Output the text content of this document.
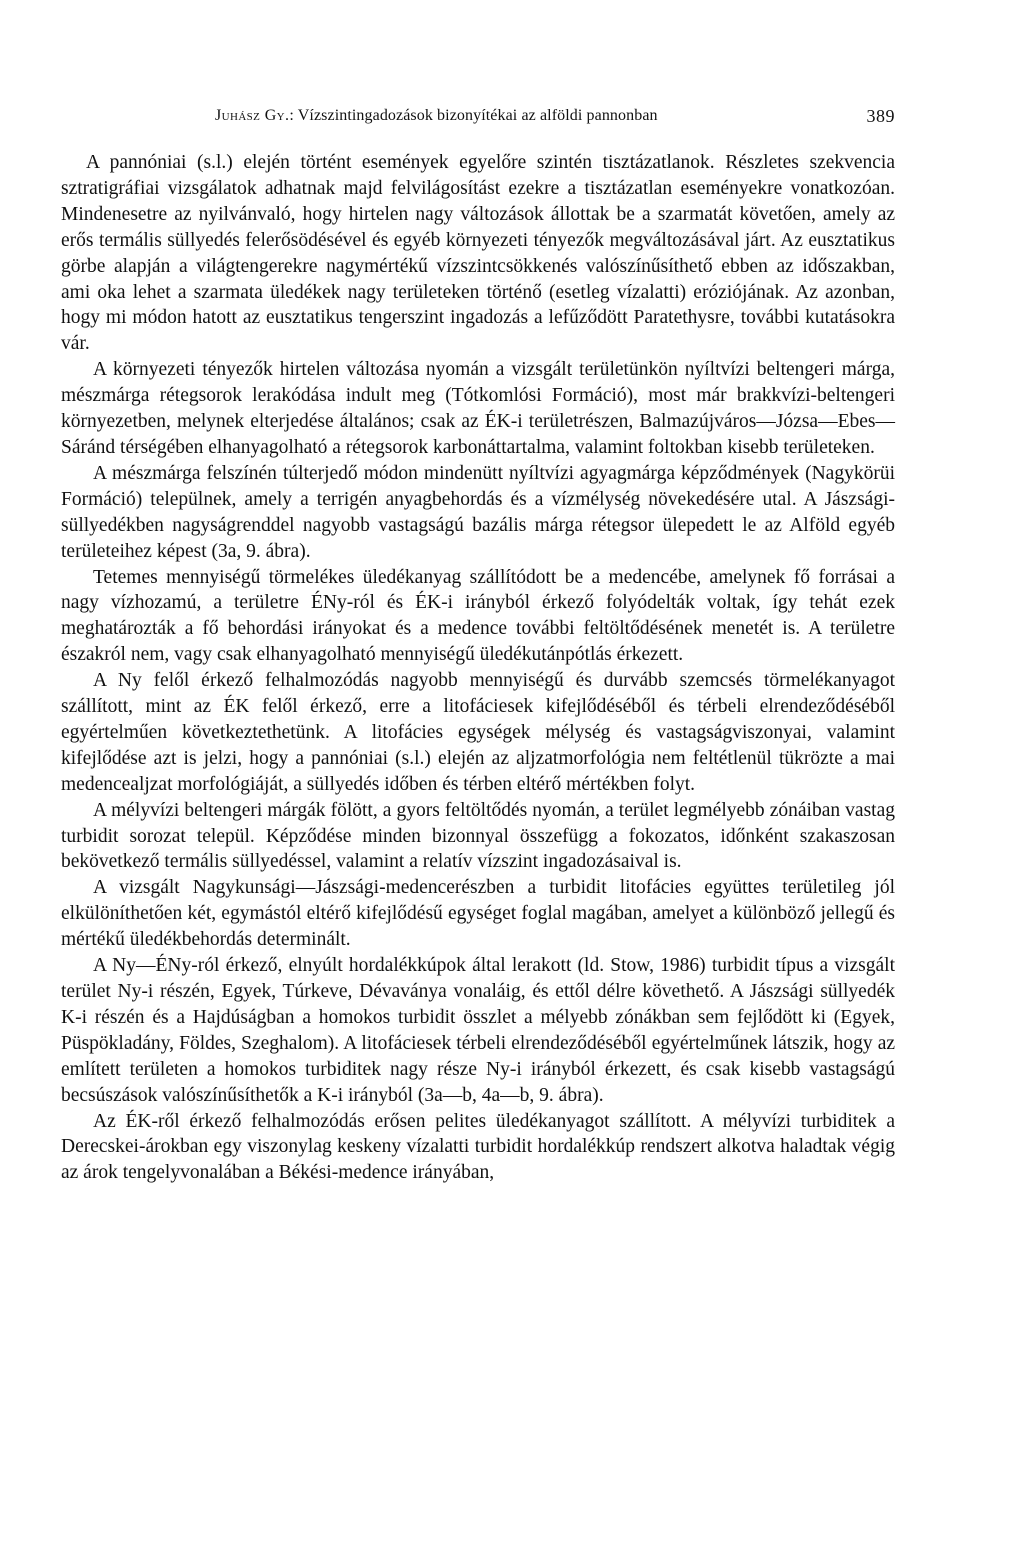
Juhász Gy.: Vízszintingadozások bizonyítékai az alföldi pannonban	389

A pannóniai (s.l.) elején történt események egyelőre szintén tisztázatlanok. Részletes szekvencia sztratigráfiai vizsgálatok adhatnak majd felvilágosítást ezekre a tisztázatlan eseményekre vonatkozóan. Mindenesetre az nyilvánvaló, hogy hirtelen nagy változások állottak be a szarmatát követően, amely az erős termális süllyedés felerősödésével és egyéb környezeti tényezők megváltozásával járt. Az eusztatikus görbe alapján a világtengerekre nagymértékű vízszintcsökkenés valószínűsíthető ebben az időszakban, ami oka lehet a szarmata üledékek nagy területeken történő (esetleg vízalatti) eróziójának. Az azonban, hogy mi módon hatott az eusztatikus tengerszint ingadozás a lefűződött Paratethysre, további kutatásokra vár.

A környezeti tényezők hirtelen változása nyomán a vizsgált területünkön nyíltvízi beltengeri márga, mészmárga rétegsorok lerakódása indult meg (Tótkomlósi Formáció), most már brakkvízi-beltengeri környezetben, melynek elterjedése általános; csak az ÉK-i területrészen, Balmazújváros—Józsa—Ebes—Sáránd térségében elhanyagolható a rétegsorok karbonáttartalma, valamint foltokban kisebb területeken.

A mészmárga felszínén túlterjedő módon mindenütt nyíltvízi agyagmárga képződmények (Nagykörüi Formáció) települnek, amely a terrigén anyagbehordás és a vízmélység növekedésére utal. A Jászsági-süllyedékben nagyságrenddel nagyobb vastagságú bazális márga rétegsor ülepedett le az Alföld egyéb területeihez képest (3a, 9. ábra).

Tetemes mennyiségű törmelékes üledékanyag szállítódott be a medencébe, amelynek fő forrásai a nagy vízhozamú, a területre ÉNy-ról és ÉK-i irányból érkező folyódelták voltak, így tehát ezek meghatározták a fő behordási irányokat és a medence további feltöltődésének menetét is. A területre északról nem, vagy csak elhanyagolható mennyiségű üledékutánpótlás érkezett.

A Ny felől érkező felhalmozódás nagyobb mennyiségű és durvább szemcsés törmelékanyagot szállított, mint az ÉK felől érkező, erre a litofáciesek kifejlődéséből és térbeli elrendeződéséből egyértelműen következtethetünk. A litofácies egységek mélység és vastagságviszonyai, valamint kifejlődése azt is jelzi, hogy a pannóniai (s.l.) elején az aljzatmorfológia nem feltétlenül tükrözte a mai medencealjzat morfológiáját, a süllyedés időben és térben eltérő mértékben folyt.

A mélyvízi beltengeri márgák fölött, a gyors feltöltődés nyomán, a terület legmélyebb zónáiban vastag turbidit sorozat települ. Képződése minden bizonnyal összefügg a fokozatos, időnként szakaszosan bekövetkező termális süllyedéssel, valamint a relatív vízszint ingadozásaival is.

A vizsgált Nagykunsági—Jászsági-medencerészben a turbidit litofácies együttes területileg jól elkülöníthetően két, egymástól eltérő kifejlődésű egységet foglal magában, amelyet a különböző jellegű és mértékű üledékbehordás determinált.

A Ny—ÉNy-ról érkező, elnyúlt hordalékkúpok által lerakott (ld. Stow, 1986) turbidit típus a vizsgált terület Ny-i részén, Egyek, Túrkeve, Dévaványa vonaláig, és ettől délre követhető. A Jászsági süllyedék K-i részén és a Hajdúságban a homokos turbidit összlet a mélyebb zónákban sem fejlődött ki (Egyek, Püspökladány, Földes, Szeghalom). A litofáciesek térbeli elrendeződéséből egyértelműnek látszik, hogy az említett területen a homokos turbiditek nagy része Ny-i irányból érkezett, és csak kisebb vastagságú becsúszások valószínűsíthetők a K-i irányból (3a—b, 4a—b, 9. ábra).

Az ÉK-ről érkező felhalmozódás erősen pelites üledékanyagot szállított. A mélyvízi turbiditek a Derecskei-árokban egy viszonylag keskeny vízalatti turbidit hordalékkúp rendszert alkotva haladtak végig az árok tengelyvonalában a Békési-medence irányában,
